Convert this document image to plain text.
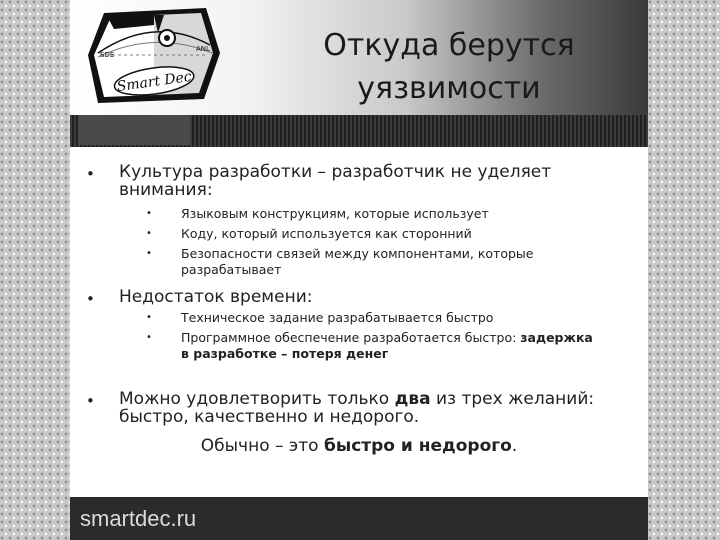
SDE
ANL
Smart Dec
Откуда берутся
уязвимости
•	Культура разработки – разработчик не уделяет
внимания:
•	Языковым конструкциям, которые использует
•	Коду, который используется как сторонний
•	Безопасности связей между компонентами, которые
разрабатывает
•	Недостаток времени:
•	Техническое задание разрабатывается быстро
•	Программное обеспечение разработается быстро: задержка
в разработке – потеря денег
•	Можно удовлетворить только два из трех желаний:
быстро, качественно и недорого.
Обычно – это быстро и недорого.
smartdec.ru
